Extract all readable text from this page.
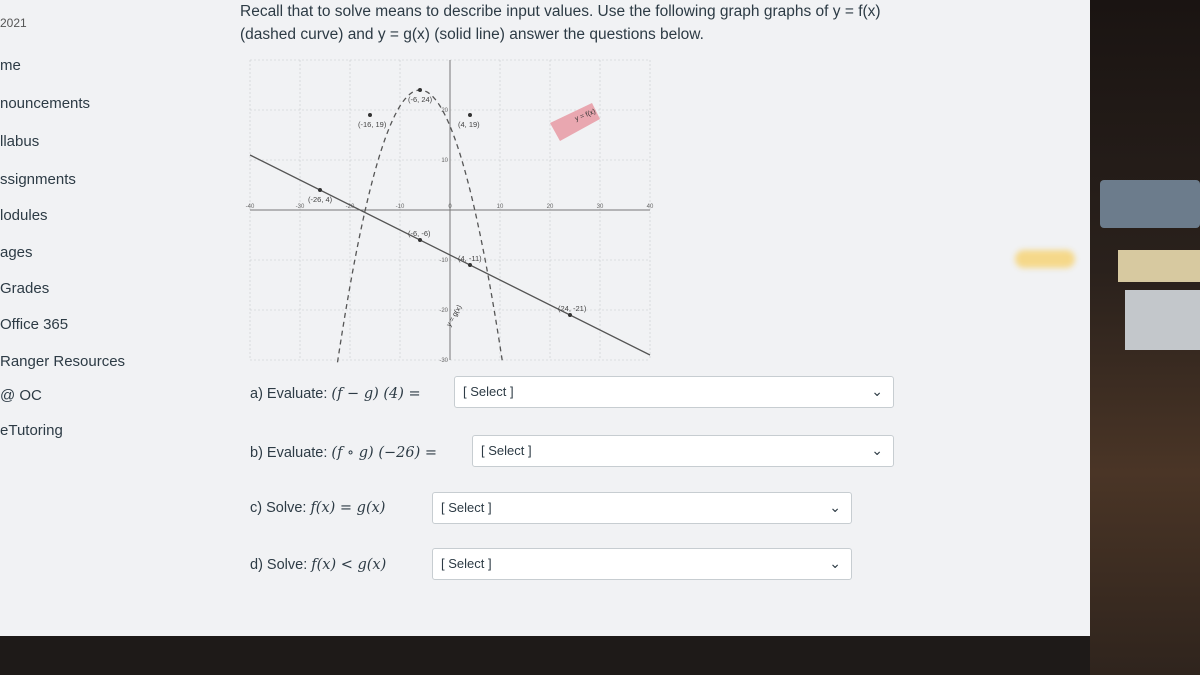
2021
me
nouncements
llabus
ssignments
lodules
ages
Grades
Office 365
Ranger Resources
@ OC
eTutoring
Recall that to solve means to describe input values. Use the following graph graphs of y = f(x)
(dashed curve) and y = g(x) (solid line) answer the questions below.
-40	-30	-20	-10	0	10	20	30	40
20
10
-10
-20
-30
(-6, 24)
(-16, 19)	(4, 19)
(-26, 4)
(-6, -6)
(4, -11)
(24, -21)
y = f(x)
y = g(x)
a) Evaluate: (f − g) (4) =	[ Select ]	⌄
b) Evaluate: (f ∘ g) (−26) =	[ Select ]	⌄
c) Solve: f(x) = g(x)	[ Select ]	⌄
d) Solve: f(x) < g(x)	[ Select ]	⌄
